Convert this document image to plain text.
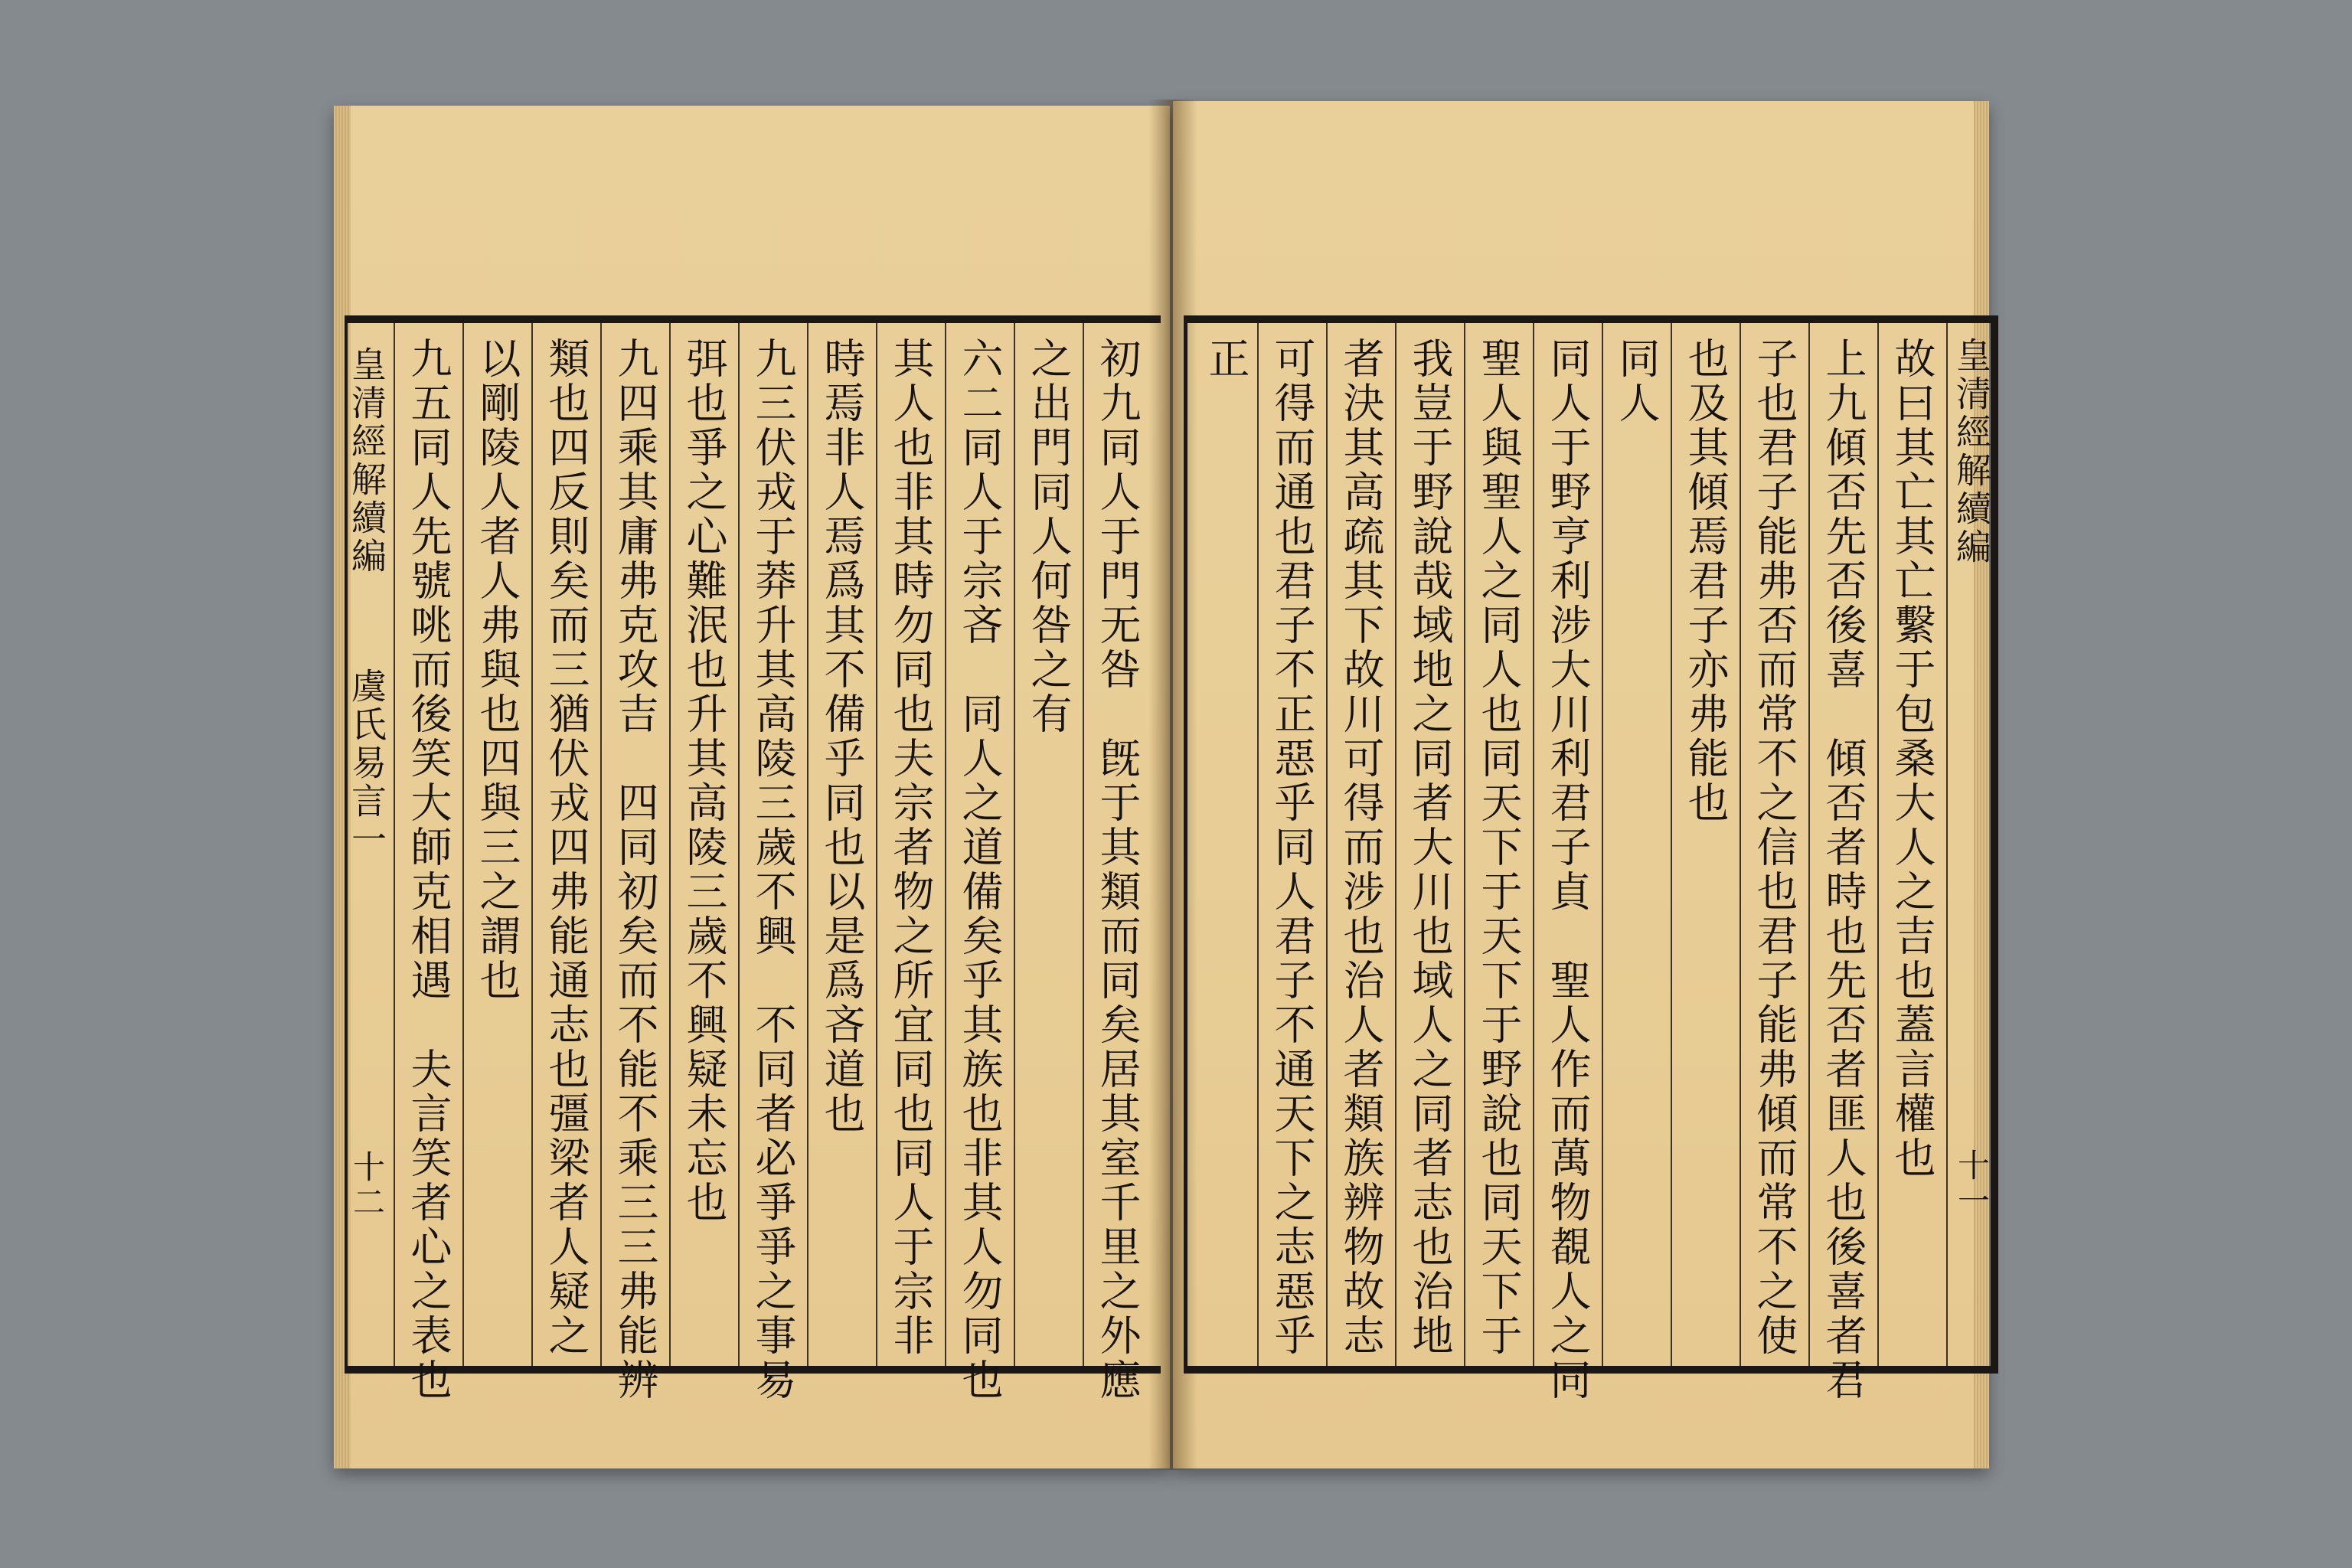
皇清經解續編
虞氏易言一
十二	初九同人于門无咎　旣于其類而同矣居其室千里之外應
之出門同人何咎之有
六二同人于宗吝　同人之道備矣乎其族也非其人勿同也
其人也非其時勿同也夫宗者物之所宜同也同人于宗非
時焉非人焉爲其不備乎同也以是爲吝道也
九三伏戎于莽升其高陵三歲不興　不同者必爭爭之事易
弭也爭之心難泯也升其高陵三歲不興疑未忘也
九四乘其庸弗克攻吉　四同初矣而不能不乘三三弗能辨
類也四反則矣而三猶伏戎四弗能通志也彊梁者人疑之
以剛陵人者人弗與也四與三之謂也
九五同人先號咷而後笑大師克相遇　夫言笑者心之表也	故曰其亡其亡繫于包桑大人之吉也蓋言權也
上九傾否先否後喜　傾否者時也先否者匪人也後喜者君
子也君子能弗否而常不之信也君子能弗傾而常不之使
也及其傾焉君子亦弗能也
同人
同人于野亨利涉大川利君子貞　聖人作而萬物覩人之同
聖人與聖人之同人也同天下于天下于野說也同天下于
我豈于野說哉域地之同者大川也域人之同者志也治地
者決其高疏其下故川可得而涉也治人者類族辨物故志
可得而通也君子不正惡乎同人君子不通天下之志惡乎
正	皇清經解續編
十一
